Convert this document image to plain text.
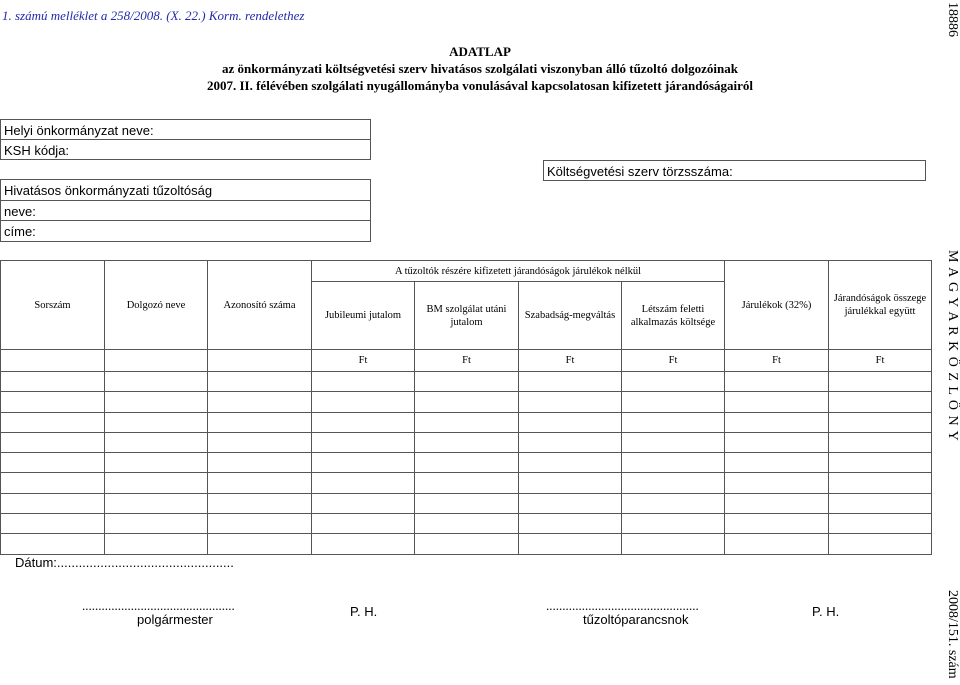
1. számú melléklet a 258/2008. (X. 22.) Korm. rendelethez
ADATLAP
az önkormányzati költségvetési szerv hivatásos szolgálati viszonyban álló tűzoltó dolgozóinak
2007. II. félévében szolgálati nyugállományba vonulásával kapcsolatosan kifizetett járandóságairól
Helyi önkormányzat neve:
KSH kódja:
Hivatásos önkormányzati tűzoltóság
neve:
címe:
Költségvetési szerv törzsszáma:
Sorszám	Dolgozó neve	Azonosító száma	A tűzoltók részére kifizetett járandóságok járulékok nélkül				Járulékok (32%)	Járandóságok összege járulékkal együtt
			Jubileumi jutalom	BM szolgálat utáni jutalom	Szabadság-megváltás	Létszám feletti alkalmazás költsége		
			Ft	Ft	Ft	Ft	Ft	Ft

Dátum:.................................................
...............................................
polgármester
P. H.	...............................................
tűzoltóparancsnok
P. H.
18886
M A G Y A R K Ö Z L Ö N Y
2008/151. szám
